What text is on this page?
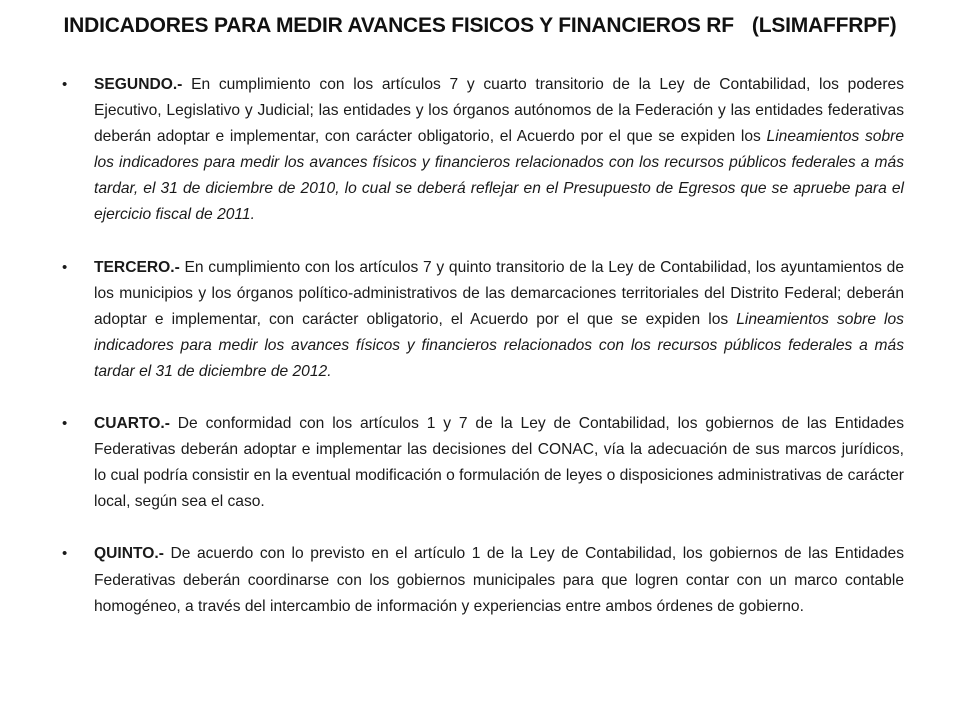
INDICADORES PARA MEDIR AVANCES FISICOS Y FINANCIEROS RF (LSIMAFFRPF)
• SEGUNDO.- En cumplimiento con los artículos 7 y cuarto transitorio de la Ley de Contabilidad, los poderes Ejecutivo, Legislativo y Judicial; las entidades y los órganos autónomos de la Federación y las entidades federativas deberán adoptar e implementar, con carácter obligatorio, el Acuerdo por el que se expiden los Lineamientos sobre los indicadores para medir los avances físicos y financieros relacionados con los recursos públicos federales a más tardar, el 31 de diciembre de 2010, lo cual se deberá reflejar en el Presupuesto de Egresos que se apruebe para el ejercicio fiscal de 2011.
• TERCERO.- En cumplimiento con los artículos 7 y quinto transitorio de la Ley de Contabilidad, los ayuntamientos de los municipios y los órganos político-administrativos de las demarcaciones territoriales del Distrito Federal; deberán adoptar e implementar, con carácter obligatorio, el Acuerdo por el que se expiden los Lineamientos sobre los indicadores para medir los avances físicos y financieros relacionados con los recursos públicos federales a más tardar el 31 de diciembre de 2012.
• CUARTO.- De conformidad con los artículos 1 y 7 de la Ley de Contabilidad, los gobiernos de las Entidades Federativas deberán adoptar e implementar las decisiones del CONAC, vía la adecuación de sus marcos jurídicos, lo cual podría consistir en la eventual modificación o formulación de leyes o disposiciones administrativas de carácter local, según sea el caso.
• QUINTO.- De acuerdo con lo previsto en el artículo 1 de la Ley de Contabilidad, los gobiernos de las Entidades Federativas deberán coordinarse con los gobiernos municipales para que logren contar con un marco contable homogéneo, a través del intercambio de información y experiencias entre ambos órdenes de gobierno.
